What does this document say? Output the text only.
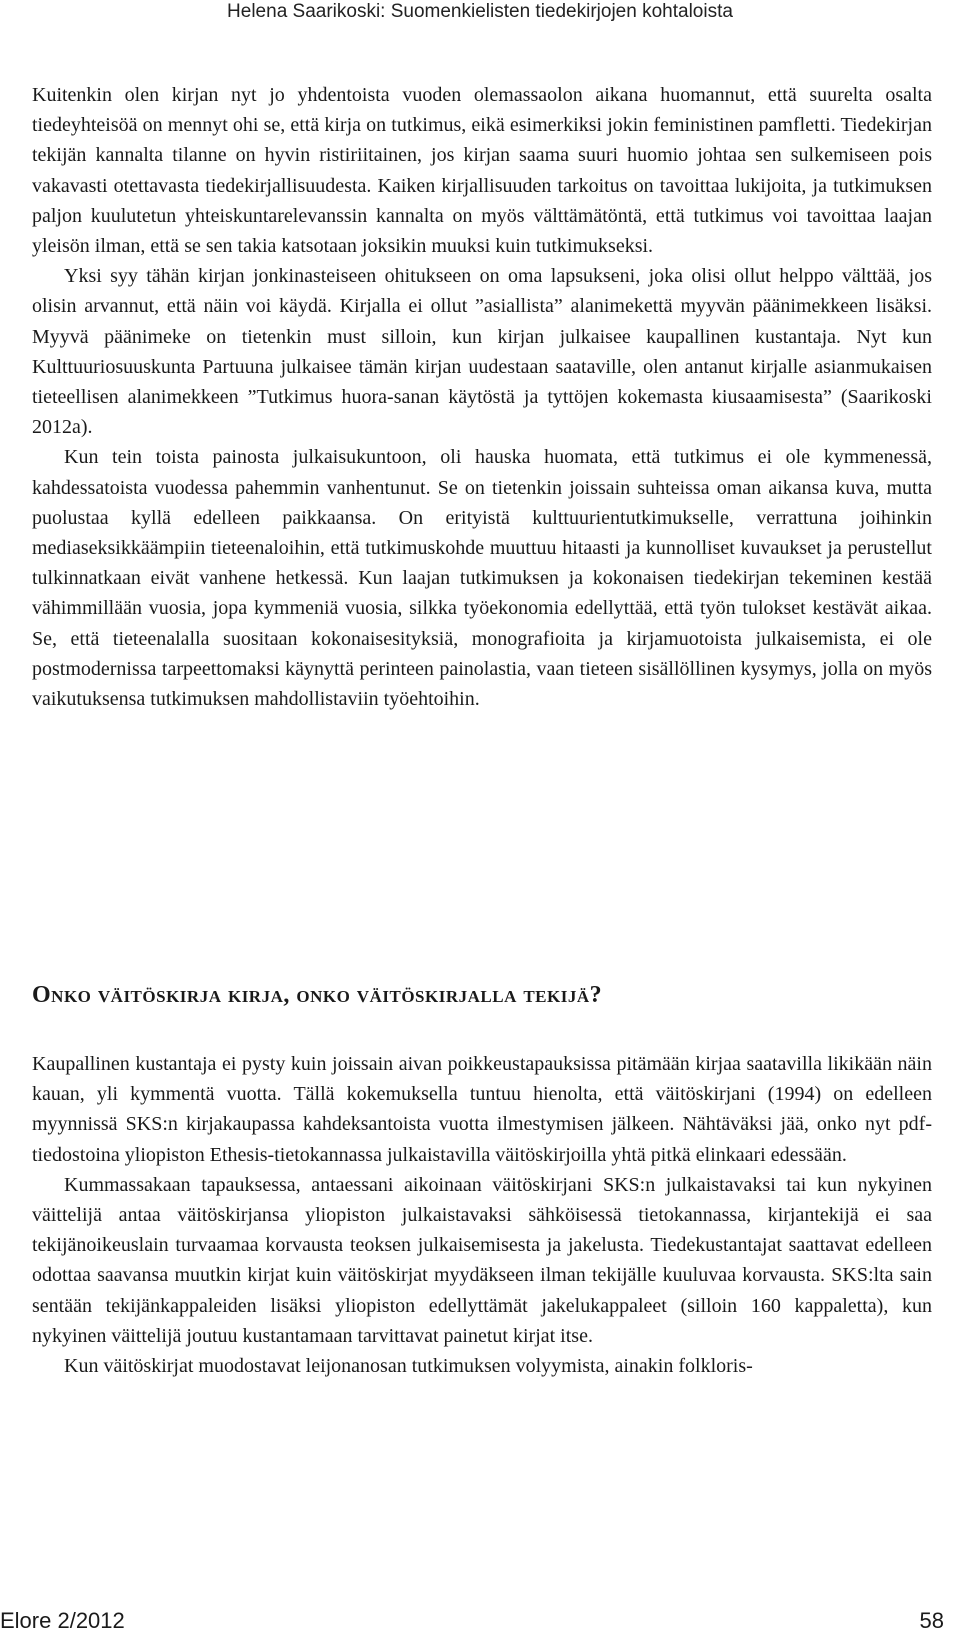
Helena Saarikoski: Suomenkielisten tiedekirjojen kohtaloista

Kuitenkin olen kirjan nyt jo yhdentoista vuoden olemassaolon aikana huomannut, että suurelta osalta tiedeyhteisöä on mennyt ohi se, että kirja on tutkimus, eikä esimerkiksi jokin feministinen pamfletti. Tiedekirjan tekijän kannalta tilanne on hyvin ristiriitainen, jos kirjan saama suuri huomio johtaa sen sulkemiseen pois vakavasti otettavasta tiedekirjallisuudesta. Kaiken kirjallisuuden tarkoitus on tavoittaa lukijoita, ja tutkimuksen paljon kuulutetun yhteiskuntarelevanssin kannalta on myös välttämätöntä, että tutkimus voi tavoittaa laajan yleisön ilman, että se sen takia katsotaan joksikin muuksi kuin tutkimukseksi.

Yksi syy tähän kirjan jonkinasteiseen ohitukseen on oma lapsukseni, joka olisi ollut helppo välttää, jos olisin arvannut, että näin voi käydä. Kirjalla ei ollut ”asiallista” alanimekettä myyvän päänimekkeen lisäksi. Myyvä päänimeke on tietenkin must silloin, kun kirjan julkaisee kaupallinen kustantaja. Nyt kun Kulttuuriosuuskunta Partuuna julkaisee tämän kirjan uudestaan saataville, olen antanut kirjalle asianmukaisen tieteellisen alanimekkeen ”Tutkimus huora-sanan käytöstä ja tyttöjen kokemasta kiusaamisesta” (Saarikoski 2012a).

Kun tein toista painosta julkaisukuntoon, oli hauska huomata, että tutkimus ei ole kymmenessä, kahdessatoista vuodessa pahemmin vanhentunut. Se on tietenkin joissain suhteissa oman aikansa kuva, mutta puolustaa kyllä edelleen paikkaansa. On erityistä kulttuurientutkimukselle, verrattuna joihinkin mediaseksikkäämpiin tieteenaloihin, että tutkimuskohde muuttuu hitaasti ja kunnolliset kuvaukset ja perustellut tulkinnatkaan eivät vanhene hetkessä. Kun laajan tutkimuksen ja kokonaisen tiedekirjan tekeminen kestää vähimmillään vuosia, jopa kymmeniä vuosia, silkka työekonomia edellyttää, että työn tulokset kestävät aikaa. Se, että tieteenalalla suositaan kokonaisesityksiä, monografioita ja kirjamuotoista julkaisemista, ei ole postmodernissa tarpeettomaksi käynyttä perinteen painolastia, vaan tieteen sisällöllinen kysymys, jolla on myös vaikutuksensa tutkimuksen mahdollistaviin työehtoihin.

Onko väitöskirja kirja, onko väitöskirjalla tekijä?

Kaupallinen kustantaja ei pysty kuin joissain aivan poikkeustapauksissa pitämään kirjaa saatavilla likikään näin kauan, yli kymmentä vuotta. Tällä kokemuksella tuntuu hienolta, että väitöskirjani (1994) on edelleen myynnissä SKS:n kirjakaupassa kahdeksantoista vuotta ilmestymisen jälkeen. Nähtäväksi jää, onko nyt pdf-tiedostoina yliopiston Ethesis-tietokannassa julkaistavilla väitöskirjoilla yhtä pitkä elinkaari edessään.

Kummassakaan tapauksessa, antaessani aikoinaan väitöskirjani SKS:n julkaistavaksi tai kun nykyinen väittelijä antaa väitöskirjansa yliopiston julkaistavaksi sähköisessä tietokannassa, kirjantekijä ei saa tekijänoikeuslain turvaamaa korvausta teoksen julkaisemisesta ja jakelusta. Tiedekustantajat saattavat edelleen odottaa saavansa muutkin kirjat kuin väitöskirjat myydäkseen ilman tekijälle kuuluvaa korvausta. SKS:lta sain sentään tekijänkappaleiden lisäksi yliopiston edellyttämät jakelukappaleet (silloin 160 kappaletta), kun nykyinen väittelijä joutuu kustantamaan tarvittavat painetut kirjat itse.

Kun väitöskirjat muodostavat leijonanosan tutkimuksen volyymista, ainakin folkloris-

Elore 2/2012	58
